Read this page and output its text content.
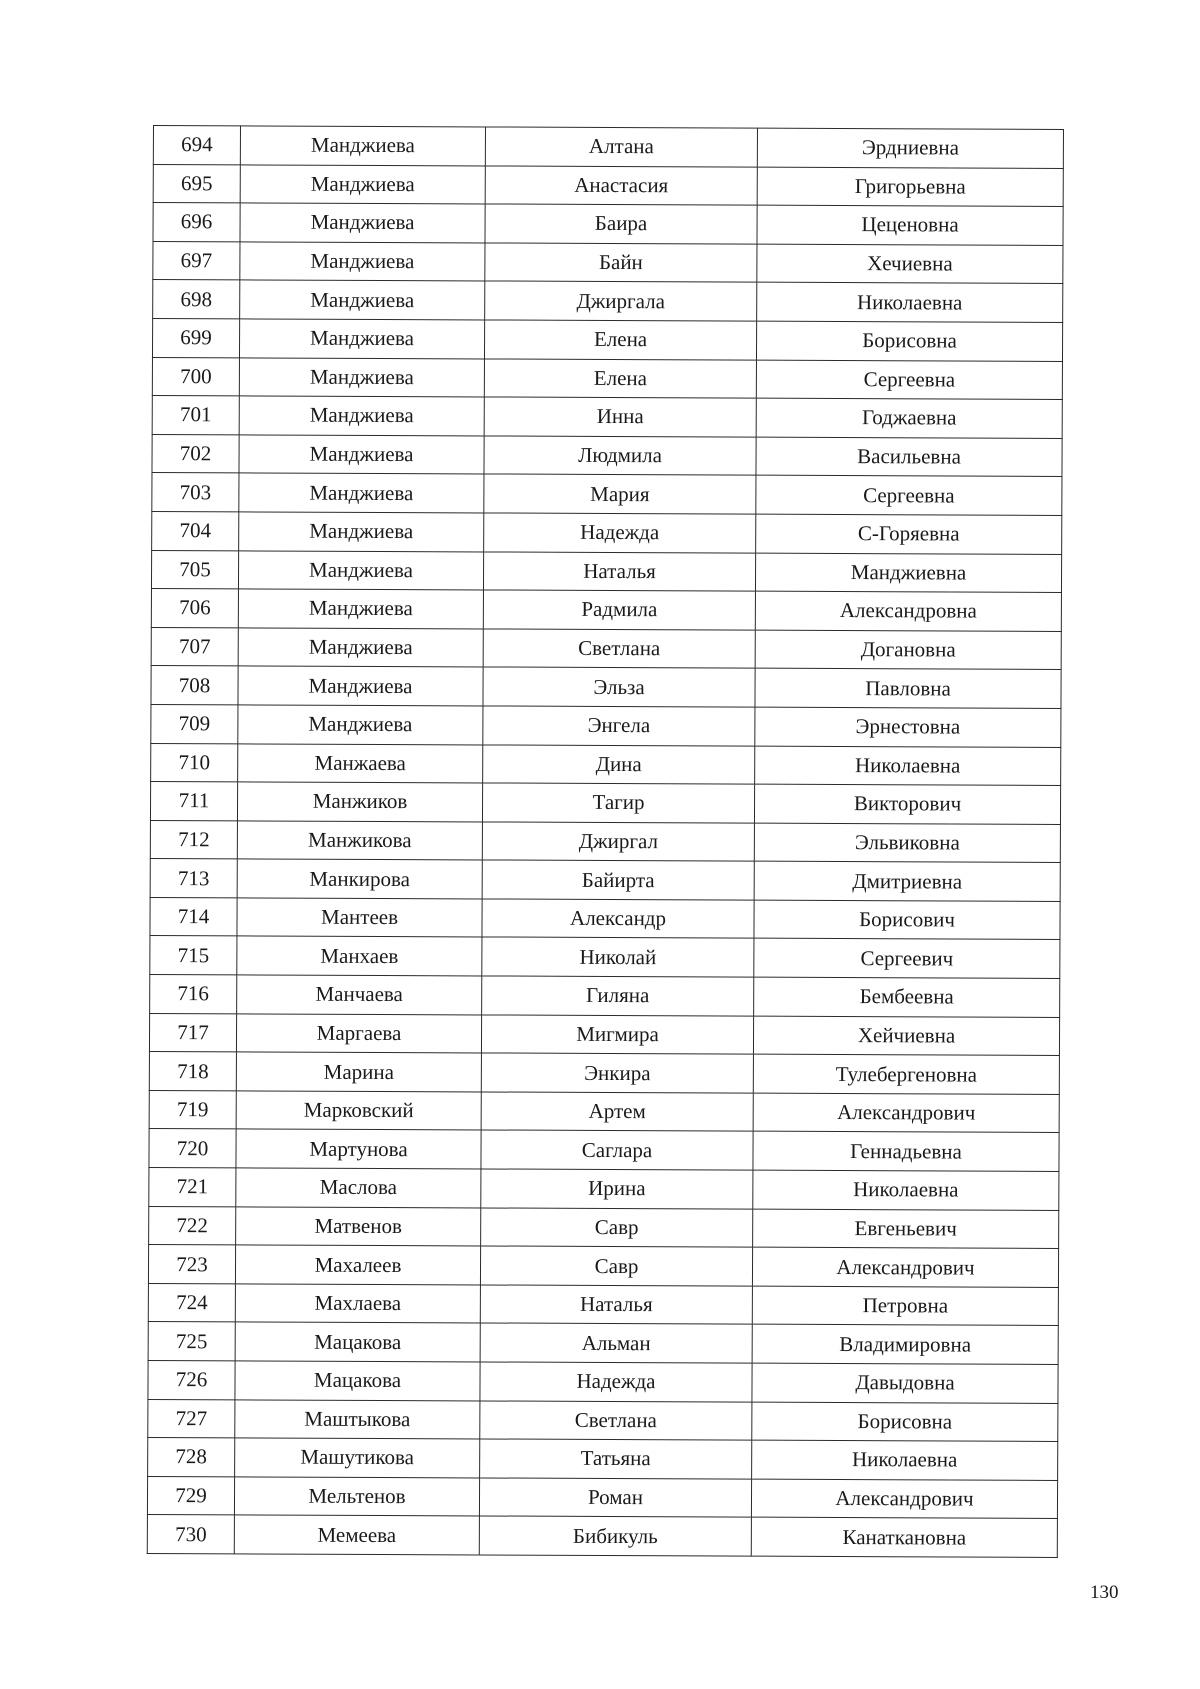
694	Манджиева	Алтана	Эрдниевна
695	Манджиева	Анастасия	Григорьевна
696	Манджиева	Баира	Цеценовна
697	Манджиева	Байн	Хечиевна
698	Манджиева	Джиргала	Николаевна
699	Манджиева	Елена	Борисовна
700	Манджиева	Елена	Сергеевна
701	Манджиева	Инна	Годжаевна
702	Манджиева	Людмила	Васильевна
703	Манджиева	Мария	Сергеевна
704	Манджиева	Надежда	С-Горяевна
705	Манджиева	Наталья	Манджиевна
706	Манджиева	Радмила	Александровна
707	Манджиева	Светлана	Догановна
708	Манджиева	Эльза	Павловна
709	Манджиева	Энгела	Эрнестовна
710	Манжаева	Дина	Николаевна
711	Манжиков	Тагир	Викторович
712	Манжикова	Джиргал	Эльвиковна
713	Манкирова	Байирта	Дмитриевна
714	Мантеев	Александр	Борисович
715	Манхаев	Николай	Сергеевич
716	Манчаева	Гиляна	Бембеевна
717	Маргаева	Мигмира	Хейчиевна
718	Марина	Энкира	Тулебергеновна
719	Марковский	Артем	Александрович
720	Мартунова	Саглара	Геннадьевна
721	Маслова	Ирина	Николаевна
722	Матвенов	Савр	Евгеньевич
723	Махалеев	Савр	Александрович
724	Махлаева	Наталья	Петровна
725	Мацакова	Альман	Владимировна
726	Мацакова	Надежда	Давыдовна
727	Маштыкова	Светлана	Борисовна
728	Машутикова	Татьяна	Николаевна
729	Мельтенов	Роман	Александрович
730	Мемеева	Бибикуль	Канаткановна
130
